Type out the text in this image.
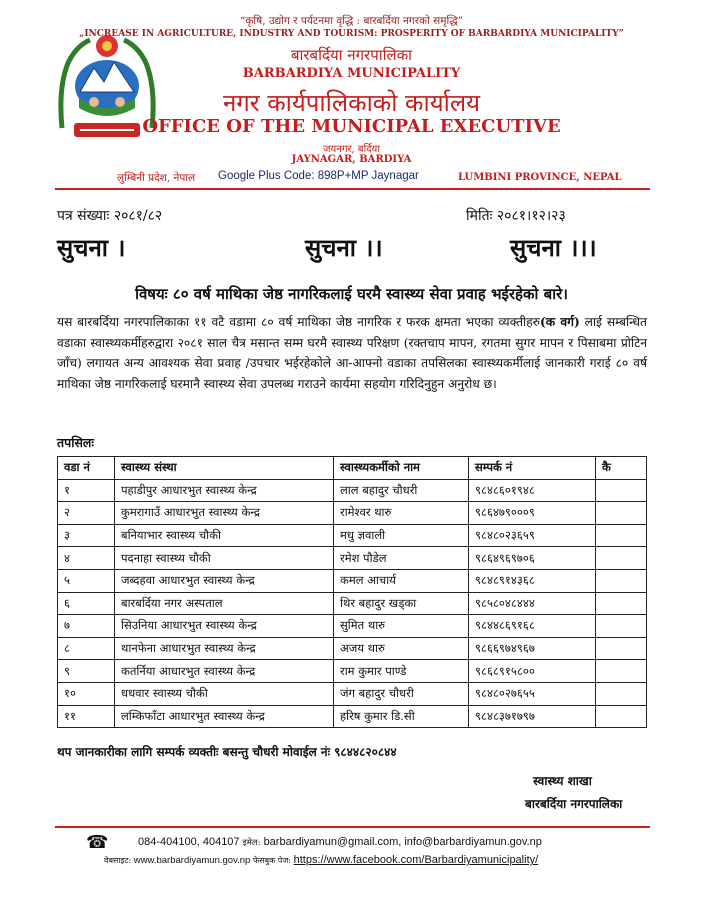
“कृषि, उद्योग र पर्यटनमा वृद्धि : बारबर्दिया नगरको समृद्धि”
„INCREASE IN AGRICULTURE, INDUSTRY AND TOURISM: PROSPERITY OF BARBARDIYA MUNICIPALITY”
बारबर्दिया नगरपालिका
BARBARDIYA MUNICIPALITY
नगर कार्यपालिकाको कार्यालय
OFFICE OF THE MUNICIPAL EXECUTIVE
जयनगर, बर्दिया
JAYNAGAR, BARDIYA
लुम्बिनी प्रदेश, नेपाल Google Plus Code: 898P+MP Jaynagar	LUMBINI PROVINCE, NEPAL
पत्र संख्याः २०८१/८२	मितिः २०८१।१२।२३
सुचना ।	सुचना ।।	सुचना ।।।
विषयः ८० वर्ष माथिका जेष्ठ नागरिकलाई घरमै स्वास्थ्य सेवा प्रवाह भईरहेको बारे।
यस बारबर्दिया नगरपालिकाका ११ वटै वडामा ८० वर्ष माथिका जेष्ठ नागरिक र फरक क्षमता भएका व्यक्तीहरु(क वर्ग) लाई सम्बन्धित वडाका स्वास्थ्यकर्मीहरुद्वारा २०८१ साल चैत्र मसान्त सम्म घरमै स्वास्थ्य परिक्षण (रक्तचाप मापन, रगतमा सुगर मापन र पिसाबमा प्रोटिन जाँच) लगायत अन्य आवश्यक सेवा प्रवाह /उपचार भईरहेकोले आ-आफ्नो वडाका तपसिलका स्वास्थ्यकर्मीलाई जानकारी गराई ८० वर्ष माथिका जेष्ठ नागरिकलाई घरमानै स्वास्थ्य सेवा उपलब्ध गराउने कार्यमा सहयोग गरिदिनुहुन अनुरोध छ।
तपसिलः
वडा नं	स्वास्थ्य संस्था	स्वास्थ्यकर्मीको नाम	सम्पर्क नं	कै
१	पहाडीपुर आधारभुत स्वास्थ्य केन्द्र	लाल बहादुर चौधरी	९८४८६०१९४८	
२	कुमरागाउँ आधारभुत स्वास्थ्य केन्द्र	रामेश्वर थारु	९८६४७९०००९	
३	बनियाभार स्वास्थ्य चौकी	मधु ज्ञवाली	९८४८०२३६५९	
४	पदनाहा स्वास्थ्य चौकी	रमेश पौडेल	९८६४९६९७०६	
५	जब्दहवा आधारभुत स्वास्थ्य केन्द्र	कमल आचार्य	९८४८९१४३६८	
६	बारबर्दिया नगर अस्पताल	थिर बहादुर खड्का	९८५८०४८४४४	
७	सिउनिया आधारभुत स्वास्थ्य केन्द्र	सुमित थारु	९८४४८६९१६८	
८	थानफेना आधारभुत स्वास्थ्य केन्द्र	अजय थारु	९८६६९७४९६७	
९	कतर्निया आधारभुत स्वास्थ्य केन्द्र	राम कुमार पाण्डे	९८६८९१५८००	
१०	धधवार स्वास्थ्य चौकी	जंग बहादुर चौधरी	९८४८०२७६५५	
११	लम्किफाँटा आधारभुत स्वास्थ्य केन्द्र	हरिष कुमार डि.सी	९८४८३७१७९७	
थप जानकारीका लागि सम्पर्क व्यक्तीः बसन्तु चौधरी मोवाईल नंः ९८४४८२०८४४
स्वास्थ्य शाखा
बारबर्दिया नगरपालिका
☎	084-404100, 404107 इमेल: barbardiyamun@gmail.com, info@barbardiyamun.gov.np
वेबसाइट: www.barbardiyamun.gov.np फेसबुक पेज: https://www.facebook.com/Barbardiyamunicipality/
